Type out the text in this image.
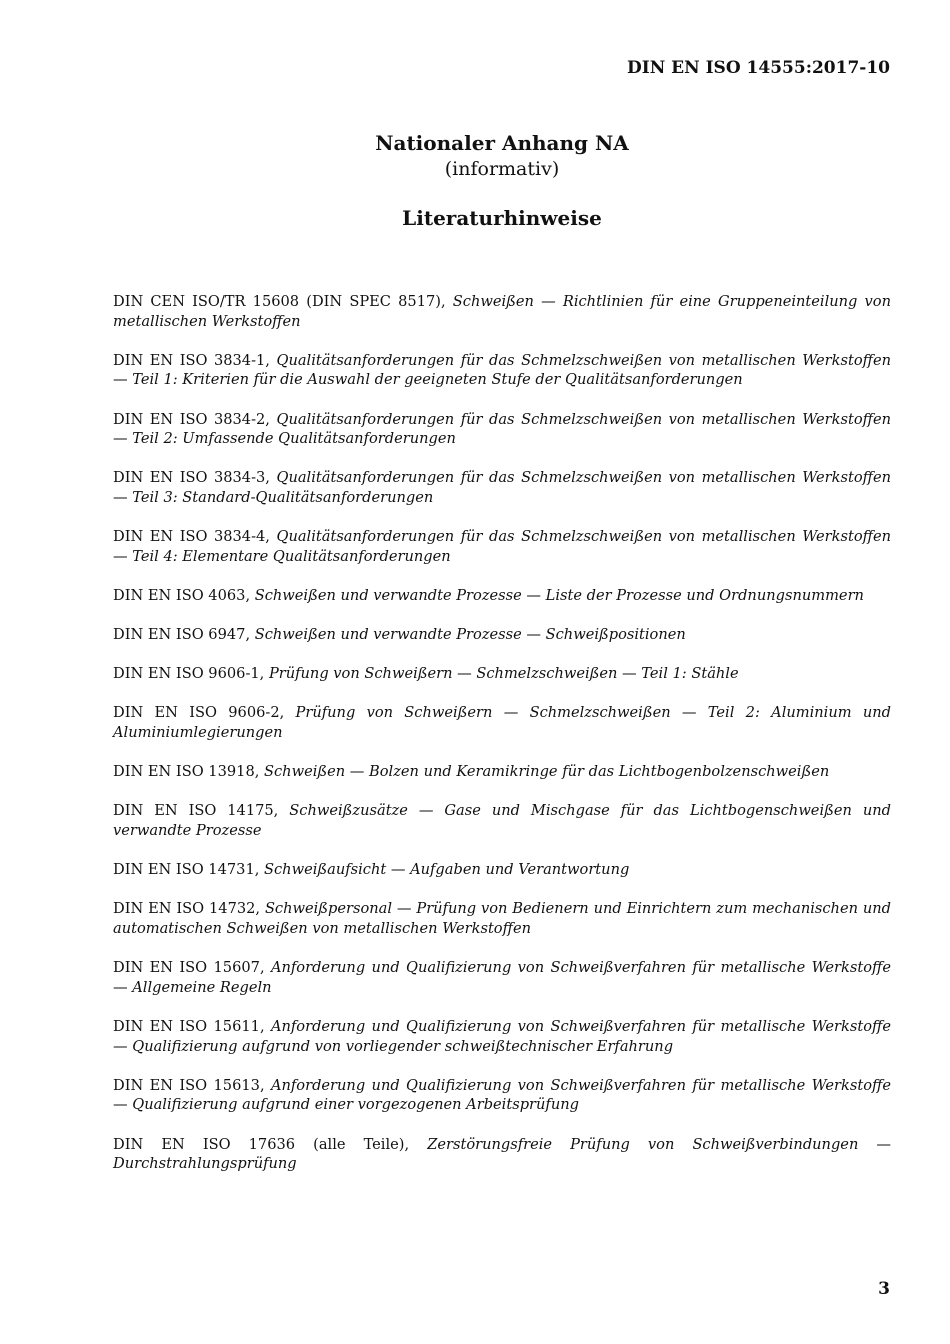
DIN EN ISO 14555:2017-10
Nationaler Anhang NA
(informativ)
Literaturhinweise

DIN CEN ISO/TR 15608 (DIN SPEC 8517), Schweißen — Richtlinien für eine Gruppeneinteilung von metallischen Werkstoffen

DIN EN ISO 3834-1, Qualitätsanforderungen für das Schmelzschweißen von metallischen Werkstoffen — Teil 1: Kriterien für die Auswahl der geeigneten Stufe der Qualitätsanforderungen

DIN EN ISO 3834-2, Qualitätsanforderungen für das Schmelzschweißen von metallischen Werkstoffen — Teil 2: Umfassende Qualitätsanforderungen

DIN EN ISO 3834-3, Qualitätsanforderungen für das Schmelzschweißen von metallischen Werkstoffen — Teil 3: Standard-Qualitätsanforderungen

DIN EN ISO 3834-4, Qualitätsanforderungen für das Schmelzschweißen von metallischen Werkstoffen — Teil 4: Elementare Qualitätsanforderungen

DIN EN ISO 4063, Schweißen und verwandte Prozesse — Liste der Prozesse und Ordnungsnummern

DIN EN ISO 6947, Schweißen und verwandte Prozesse — Schweißpositionen

DIN EN ISO 9606-1, Prüfung von Schweißern — Schmelzschweißen — Teil 1: Stähle

DIN EN ISO 9606-2, Prüfung von Schweißern — Schmelzschweißen — Teil 2: Aluminium und Aluminiumlegierungen

DIN EN ISO 13918, Schweißen — Bolzen und Keramikringe für das Lichtbogenbolzenschweißen

DIN EN ISO 14175, Schweißzusätze — Gase und Mischgase für das Lichtbogenschweißen und verwandte Prozesse

DIN EN ISO 14731, Schweißaufsicht — Aufgaben und Verantwortung

DIN EN ISO 14732, Schweißpersonal — Prüfung von Bedienern und Einrichtern zum mechanischen und automatischen Schweißen von metallischen Werkstoffen

DIN EN ISO 15607, Anforderung und Qualifizierung von Schweißverfahren für metallische Werkstoffe — Allgemeine Regeln

DIN EN ISO 15611, Anforderung und Qualifizierung von Schweißverfahren für metallische Werkstoffe — Qualifizierung aufgrund von vorliegender schweißtechnischer Erfahrung

DIN EN ISO 15613, Anforderung und Qualifizierung von Schweißverfahren für metallische Werkstoffe — Qualifizierung aufgrund einer vorgezogenen Arbeitsprüfung

DIN EN ISO 17636 (alle Teile), Zerstörungsfreie Prüfung von Schweißverbindungen — Durchstrahlungsprüfung

3
